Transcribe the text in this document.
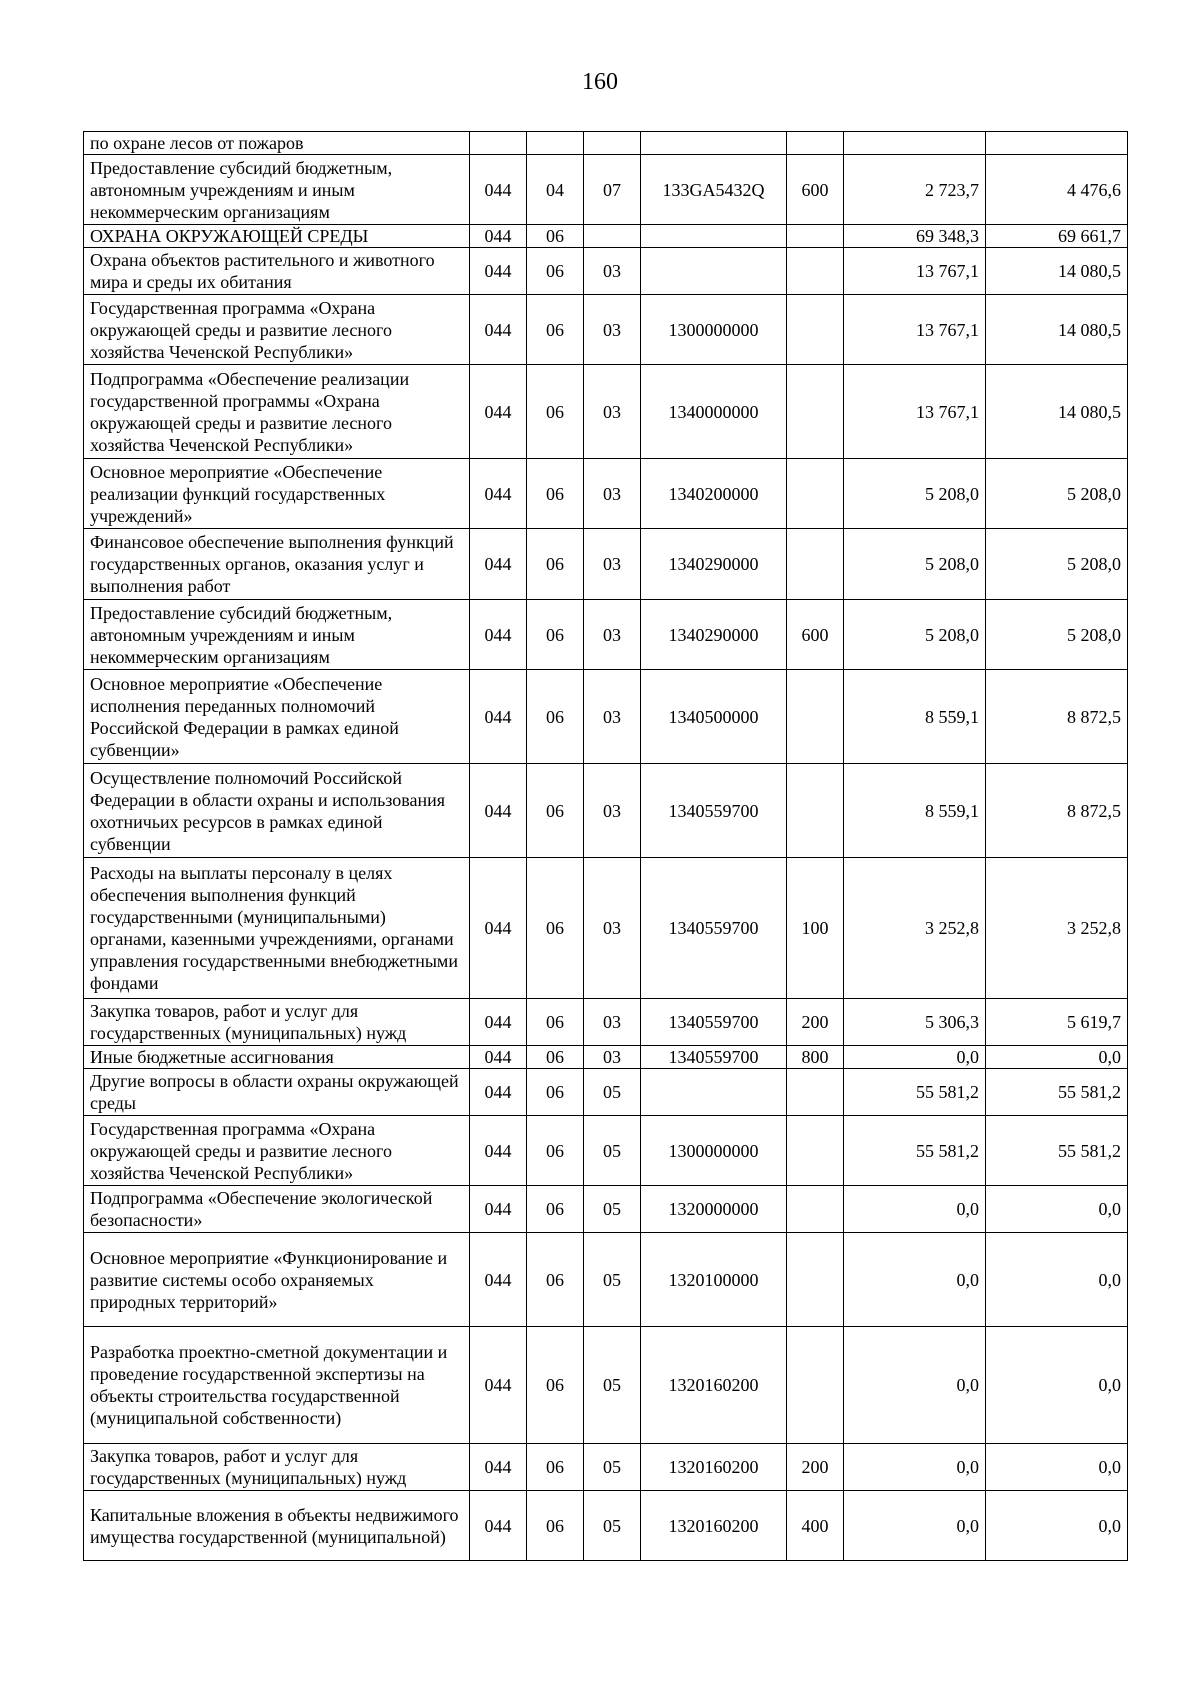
160
по охране лесов от пожаров							
Предоставление субсидий бюджетным, автономным учреждениям и иным некоммерческим организациям	044	04	07	133GA5432Q	600	2 723,7	4 476,6
ОХРАНА ОКРУЖАЮЩЕЙ СРЕДЫ	044	06				69 348,3	69 661,7
Охрана объектов растительного и животного мира и среды их обитания	044	06	03			13 767,1	14 080,5
Государственная программа «Охрана окружающей среды и развитие лесного хозяйства Чеченской Республики»	044	06	03	1300000000		13 767,1	14 080,5
Подпрограмма «Обеспечение реализации государственной программы «Охрана окружающей среды и развитие лесного хозяйства Чеченской Республики»	044	06	03	1340000000		13 767,1	14 080,5
Основное мероприятие «Обеспечение реализации функций государственных учреждений»	044	06	03	1340200000		5 208,0	5 208,0
Финансовое обеспечение выполнения функций государственных органов, оказания услуг и выполнения работ	044	06	03	1340290000		5 208,0	5 208,0
Предоставление субсидий бюджетным, автономным учреждениям и иным некоммерческим организациям	044	06	03	1340290000	600	5 208,0	5 208,0
Основное мероприятие «Обеспечение исполнения переданных полномочий Российской Федерации в рамках единой субвенции»	044	06	03	1340500000		8 559,1	8 872,5
Осуществление полномочий Российской Федерации в области охраны и использования охотничьих ресурсов в рамках единой субвенции	044	06	03	1340559700		8 559,1	8 872,5
Расходы на выплаты персоналу в целях обеспечения выполнения функций государственными (муниципальными) органами, казенными учреждениями, органами управления государственными внебюджетными фондами	044	06	03	1340559700	100	3 252,8	3 252,8
Закупка товаров, работ и услуг для государственных (муниципальных) нужд	044	06	03	1340559700	200	5 306,3	5 619,7
Иные бюджетные ассигнования	044	06	03	1340559700	800	0,0	0,0
Другие вопросы в области охраны окружающей среды	044	06	05			55 581,2	55 581,2
Государственная программа «Охрана окружающей среды и развитие лесного хозяйства Чеченской Республики»	044	06	05	1300000000		55 581,2	55 581,2
Подпрограмма «Обеспечение экологической безопасности»	044	06	05	1320000000		0,0	0,0
Основное мероприятие «Функционирование и развитие системы особо охраняемых природных территорий»	044	06	05	1320100000		0,0	0,0
Разработка проектно-сметной документации и проведение государственной экспертизы на объекты строительства государственной (муниципальной собственности)	044	06	05	1320160200		0,0	0,0
Закупка товаров, работ и услуг для государственных (муниципальных) нужд	044	06	05	1320160200	200	0,0	0,0
Капитальные вложения в объекты недвижимого имущества государственной (муниципальной)	044	06	05	1320160200	400	0,0	0,0
